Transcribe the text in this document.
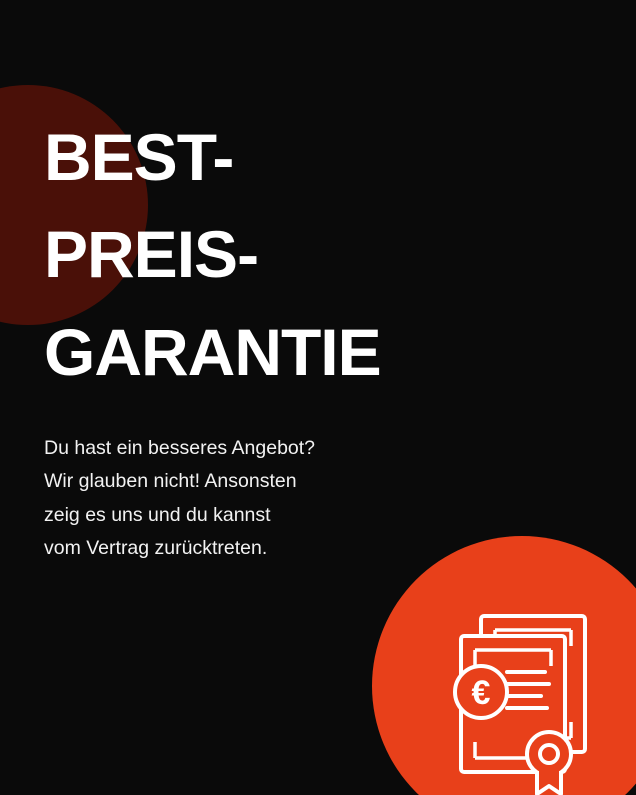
BEST-
PREIS-
GARANTIE

Du hast ein besseres Angebot?
Wir glauben nicht! Ansonsten
zeig es uns und du kannst
vom Vertrag zurücktreten.

€
